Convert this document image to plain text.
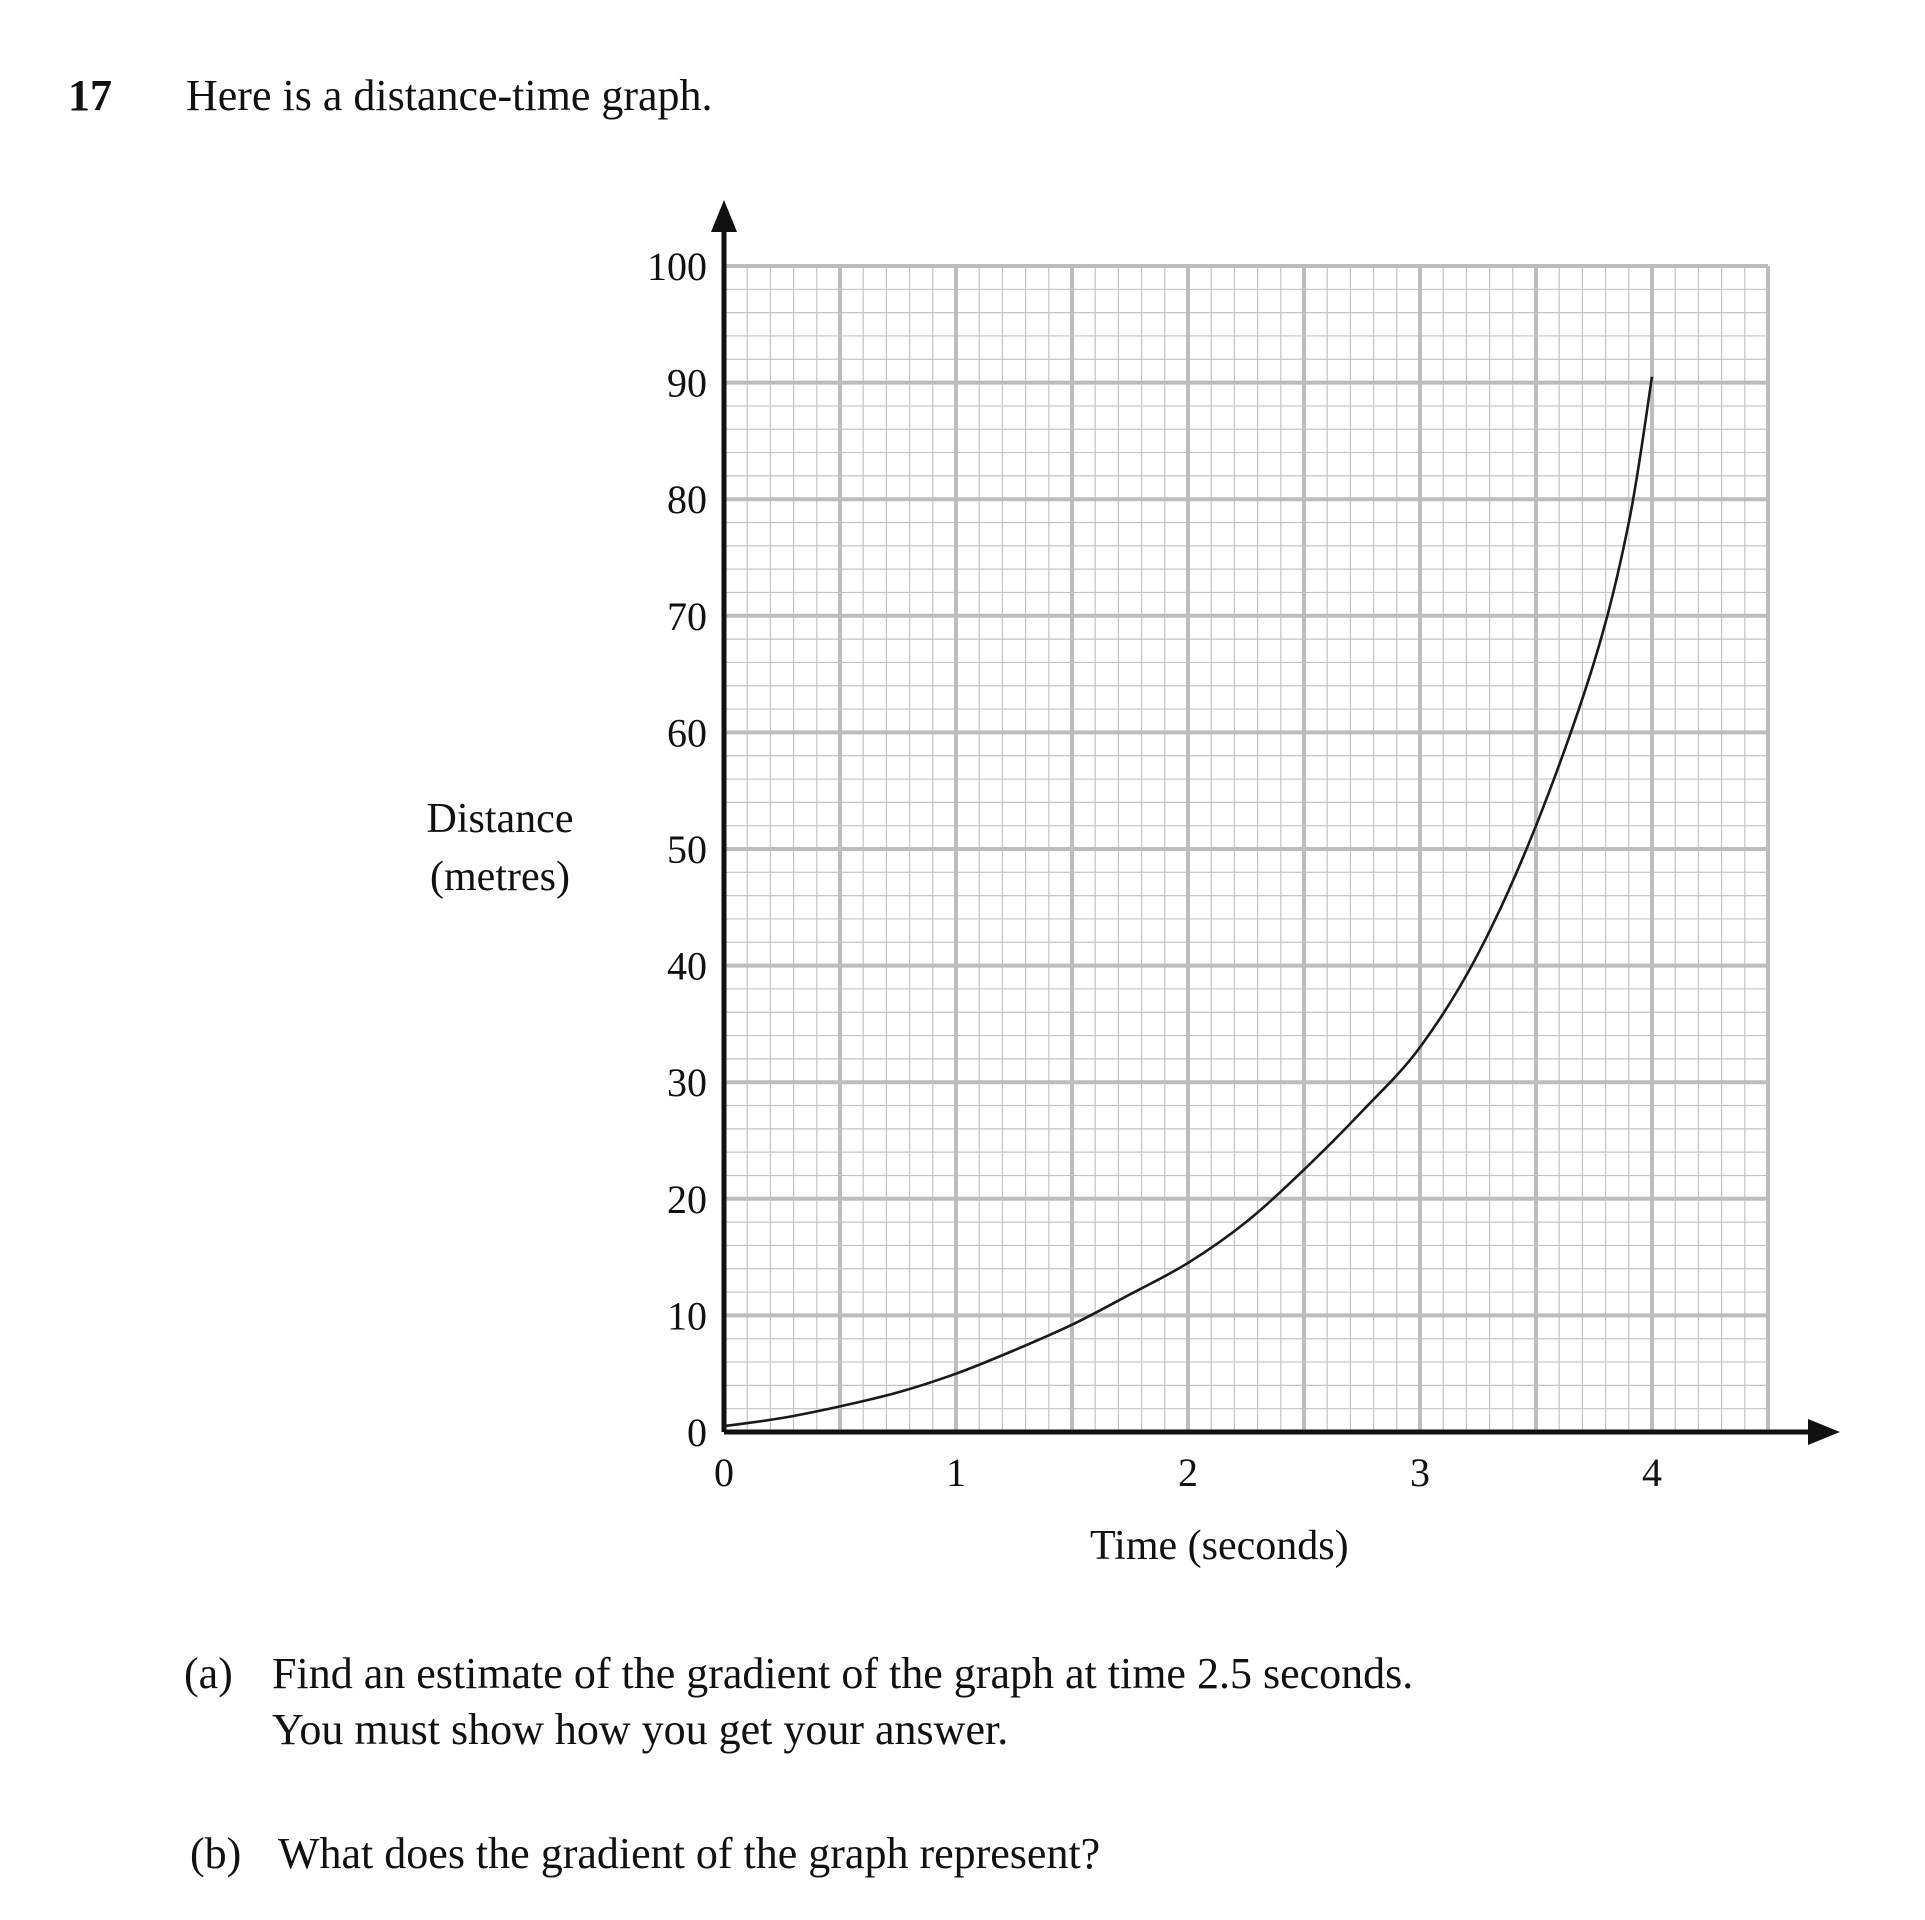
17 Here is a distance-time graph.
Distance
(metres)
0
10
20
30
40
50
60
70
80
90
100
0	1	2	3	4
Time (seconds)
(a) Find an estimate of the gradient of the graph at time 2.5 seconds.
You must show how you get your answer.
(b) What does the gradient of the graph represent?
